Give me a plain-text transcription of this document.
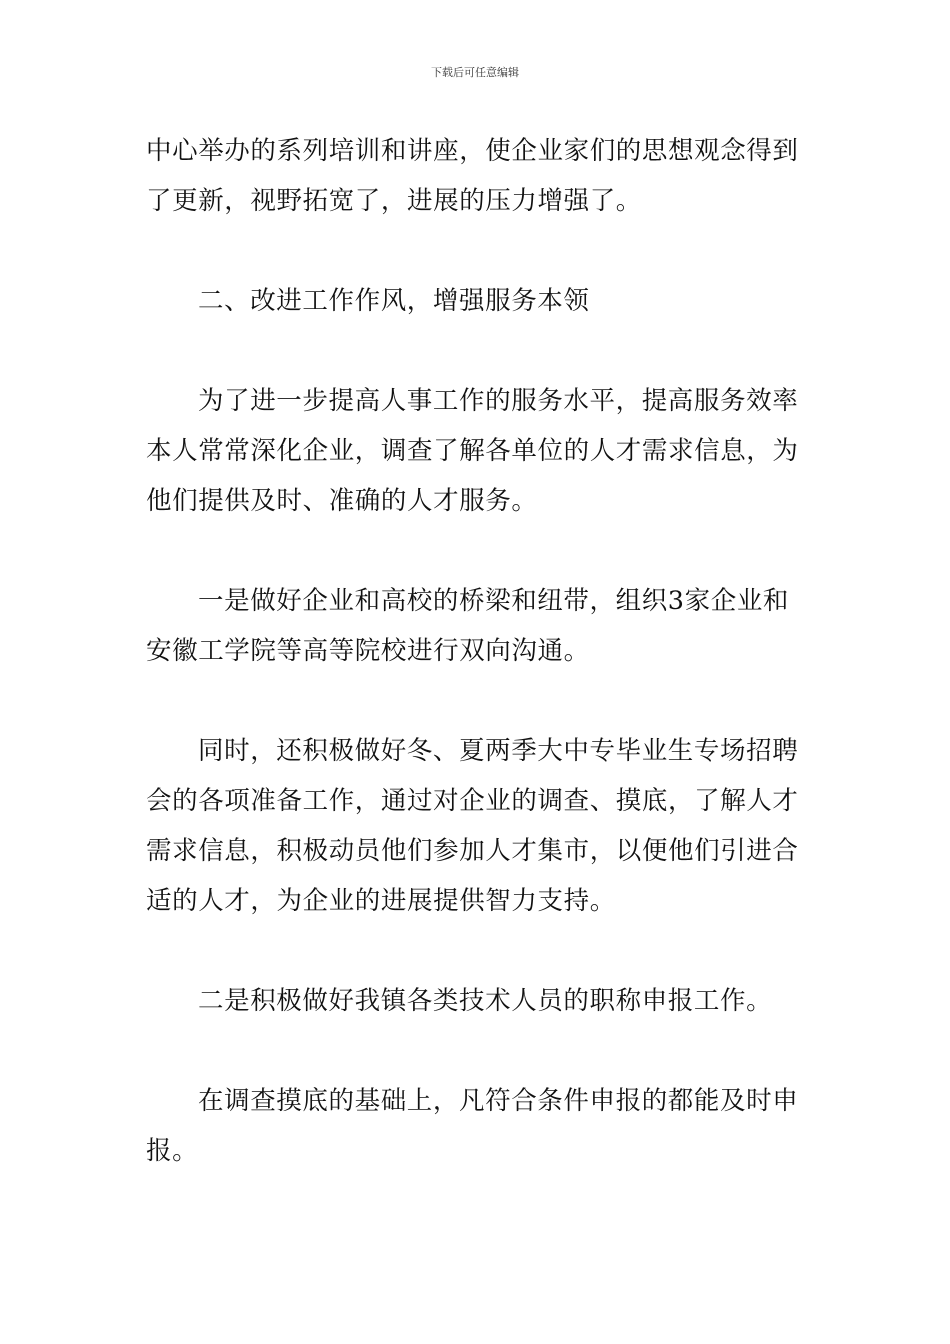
下载后可任意编辑

中心举办的系列培训和讲座，使企业家们的思想观念得到了更新，视野拓宽了，进展的压力增强了。

二、改进工作作风，增强服务本领

为了进一步提高人事工作的服务水平，提高服务效率本人常常深化企业，调查了解各单位的人才需求信息，为他们提供及时、准确的人才服务。

一是做好企业和高校的桥梁和纽带，组织3家企业和安徽工学院等高等院校进行双向沟通。

同时，还积极做好冬、夏两季大中专毕业生专场招聘会的各项准备工作，通过对企业的调查、摸底，了解人才需求信息，积极动员他们参加人才集市，以便他们引进合适的人才，为企业的进展提供智力支持。

二是积极做好我镇各类技术人员的职称申报工作。

在调查摸底的基础上，凡符合条件申报的都能及时申报。
